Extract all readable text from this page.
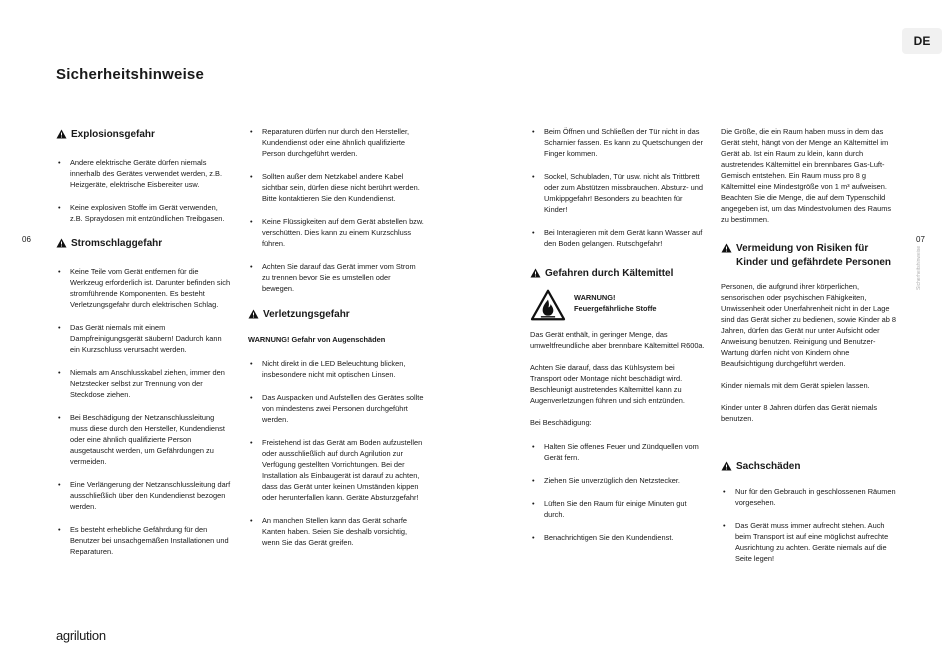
DE
Sicherheitshinweise
06	07
Sicherheitshinweise
Explosionsgefahr
• Andere elektrische Geräte dürfen niemals innerhalb des Gerätes verwendet werden, z.B. Heizgeräte, elektrische Eisbereiter usw.
• Keine explosiven Stoffe im Gerät verwenden, z.B. Spraydosen mit entzündlichen Treibgasen.
Stromschlaggefahr
• Keine Teile vom Gerät entfernen für die Werkzeug erforderlich ist. Darunter befinden sich stromführende Komponenten. Es besteht Verletzungsgefahr durch elektrischen Schlag.
• Das Gerät niemals mit einem Dampfreinigungsgerät säubern! Dadurch kann ein Kurzschluss verursacht werden.
• Niemals am Anschlusskabel ziehen, immer den Netzstecker selbst zur Trennung von der Steckdose ziehen.
• Bei Beschädigung der Netzanschlussleitung muss diese durch den Hersteller, Kundendienst oder eine ähnlich qualifizierte Person ausgetauscht werden, um Gefährdungen zu vermeiden.
• Eine Verlängerung der Netzanschlussleitung darf ausschließlich über den Kundendienst bezogen werden.
• Es besteht erhebliche Gefährdung für den Benutzer bei unsachgemäßen Installationen und Reparaturen.
• Reparaturen dürfen nur durch den Hersteller, Kundendienst oder eine ähnlich qualifizierte Person durchgeführt werden.
• Sollten außer dem Netzkabel andere Kabel sichtbar sein, dürfen diese nicht berührt werden. Bitte kontaktieren Sie den Kundendienst.
• Keine Flüssigkeiten auf dem Gerät abstellen bzw. verschütten. Dies kann zu einem Kurzschluss führen.
• Achten Sie darauf das Gerät immer vom Strom zu trennen bevor Sie es umstellen oder bewegen.
Verletzungsgefahr
WARNUNG! Gefahr von Augenschäden
• Nicht direkt in die LED Beleuchtung blicken, insbesondere nicht mit optischen Linsen.
• Das Auspacken und Aufstellen des Gerätes sollte von mindestens zwei Personen durchgeführt werden.
• Freistehend ist das Gerät am Boden aufzustellen oder ausschließlich auf durch Agrilution zur Verfügung gestellten Vorrichtungen. Bei der Installation als Einbaugerät ist darauf zu achten, dass das Gerät unter keinen Umständen kippen oder herunterfallen kann. Geräte Absturzgefahr!
• An manchen Stellen kann das Gerät scharfe Kanten haben. Seien Sie deshalb vorsichtig, wenn Sie das Gerät greifen.
• Beim Öffnen und Schließen der Tür nicht in das Scharnier fassen. Es kann zu Quetschungen der Finger kommen.
• Sockel, Schubladen, Tür usw. nicht als Trittbrett oder zum Abstützen missbrauchen. Absturz- und Umkippgefahr! Besonders zu beachten für Kinder!
• Bei Interagieren mit dem Gerät kann Wasser auf den Boden gelangen. Rutschgefahr!
Gefahren durch Kältemittel
WARNUNG!
Feuergefährliche Stoffe

Das Gerät enthält, in geringer Menge, das umweltfreundliche aber brennbare Kältemittel R600a.

Achten Sie darauf, dass das Kühlsystem bei Transport oder Montage nicht beschädigt wird. Beschleunigt austretendes Kältemittel kann zu Augenverletzungen führen und sich entzünden.

Bei Beschädigung:

• Halten Sie offenes Feuer und Zündquellen vom Gerät fern.
• Ziehen Sie unverzüglich den Netzstecker.
• Lüften Sie den Raum für einige Minuten gut durch.
• Benachrichtigen Sie den Kundendienst.

Die Größe, die ein Raum haben muss in dem das Gerät steht, hängt von der Menge an Kältemittel im Gerät ab. Ist ein Raum zu klein, kann durch austretendes Kältemittel ein brennbares Gas-Luft-Gemisch entstehen. Ein Raum muss pro 8 g Kältemittel eine Mindestgröße von 1 m³ aufweisen. Beachten Sie die Menge, die auf dem Typenschild angegeben ist, um das Mindestvolumen des Raums zu bestimmen.

Vermeidung von Risiken für
Kinder und gefährdete Personen

Personen, die aufgrund ihrer körperlichen, sensorischen oder psychischen Fähigkeiten, Unwissenheit oder Unerfahrenheit nicht in der Lage sind das Gerät sicher zu bedienen, sowie Kinder ab 8 Jahren, dürfen das Gerät nur unter Aufsicht oder Anweisung benutzen. Reinigung und Benutzer-Wartung dürfen nicht von Kindern ohne Beaufsichtigung durchgeführt werden.

Kinder niemals mit dem Gerät spielen lassen.

Kinder unter 8 Jahren dürfen das Gerät niemals benutzen.

Sachschäden
• Nur für den Gebrauch in geschlossenen Räumen vorgesehen.
• Das Gerät muss immer aufrecht stehen. Auch beim Transport ist auf eine möglichst aufrechte Ausrichtung zu achten. Geräte niemals auf die Seite legen!
agrilution
